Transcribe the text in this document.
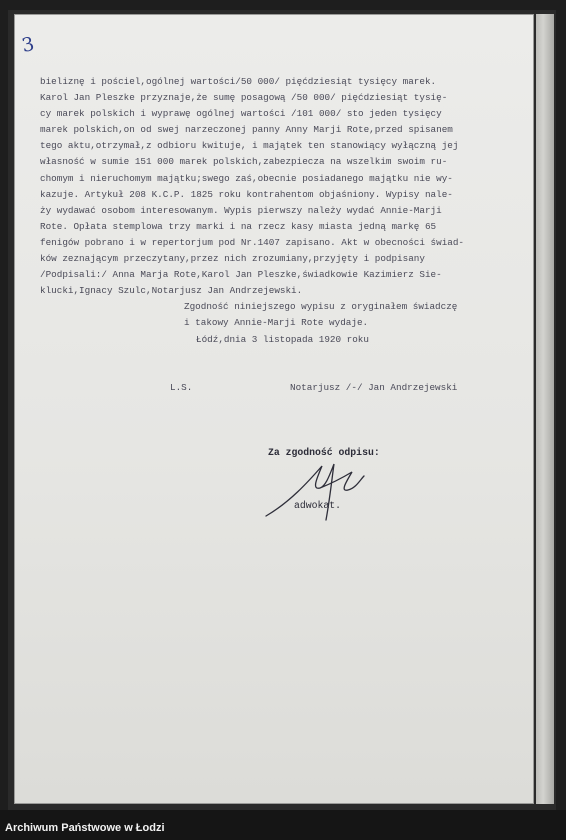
3
bieliznę i pościel,ogólnej wartości/50 000/ pięćdziesiąt tysięcy marek.
Karol Jan Pleszke przyznaje,że sumę posagową /50 000/ pięćdziesiąt tysię-
cy marek polskich i wyprawę ogólnej wartości /101 000/ sto jeden tysięcy
marek polskich,on od swej narzeczonej panny Anny Marji Rote,przed spisanem
tego aktu,otrzymał,z odbioru kwituje, i majątek ten stanowiący wyłączną jej
własność w sumie 151 000 marek polskich,zabezpiecza na wszelkim swoim ru-
chomym i nieruchomym majątku;swego zaś,obecnie posiadanego majątku nie wy-
kazuje. Artykuł 208 K.C.P. 1825 roku kontrahentom objaśniony. Wypisy nale-
ży wydawać osobom interesowanym. Wypis pierwszy należy wydać Annie-Marji
Rote. Opłata stemplowa trzy marki i na rzecz kasy miasta jedną markę 65
fenigów pobrano i w repertorjum pod Nr.1407 zapisano. Akt w obecności świad-
ków zeznającym przeczytany,przez nich zrozumiany,przyjęty i podpisany
/Podpisali:/ Anna Marja Rote,Karol Jan Pleszke,świadkowie Kazimierz Sie-
klucki,Ignacy Szulc,Notarjusz Jan Andrzejewski.
Zgodność niniejszego wypisu z oryginałem świadczę
i takowy Annie-Marji Rote wydaje.
Łódź,dnia 3 listopada 1920 roku
L.S.	Notarjusz /-/ Jan Andrzejewski
Za zgodność odpisu:
adwokat.
Archiwum Państwowe w Łodzi
